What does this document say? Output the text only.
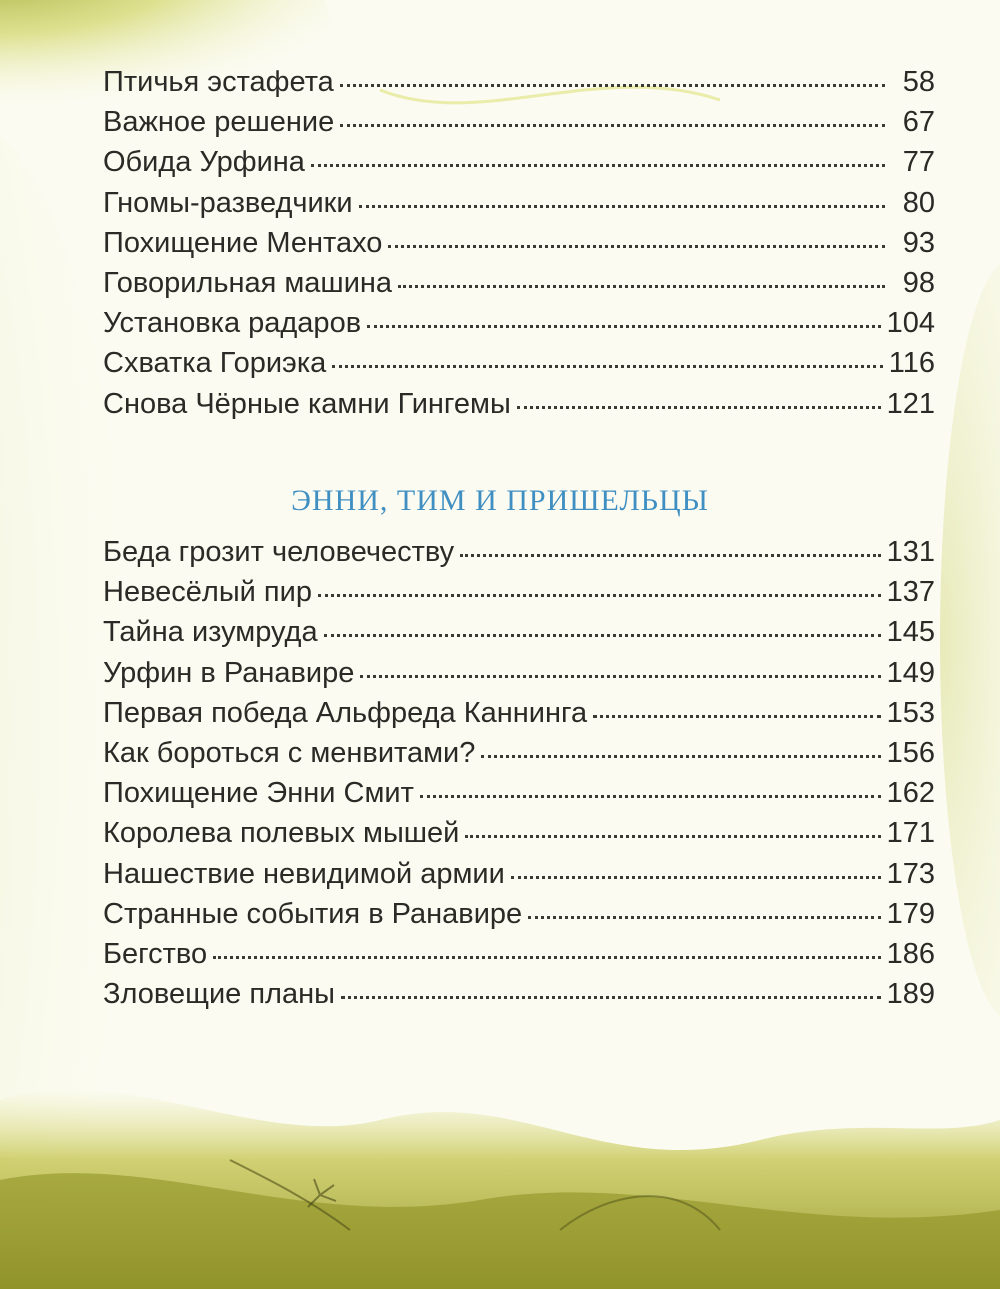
Птичья эстафета	58
Важное решение	67
Обида Урфина	77
Гномы-разведчики	80
Похищение Ментахо	93
Говорильная машина	98
Установка радаров	104
Схватка Гориэка	116
Снова Чёрные камни Гингемы	121
ЭННИ, ТИМ И ПРИШЕЛЬЦЫ
Беда грозит человечеству	131
Невесёлый пир	137
Тайна изумруда	145
Урфин в Ранавире	149
Первая победа Альфреда Каннинга	153
Как бороться с менвитами?	156
Похищение Энни Смит	162
Королева полевых мышей	171
Нашествие невидимой армии	173
Странные события в Ранавире	179
Бегство	186
Зловещие планы	189
